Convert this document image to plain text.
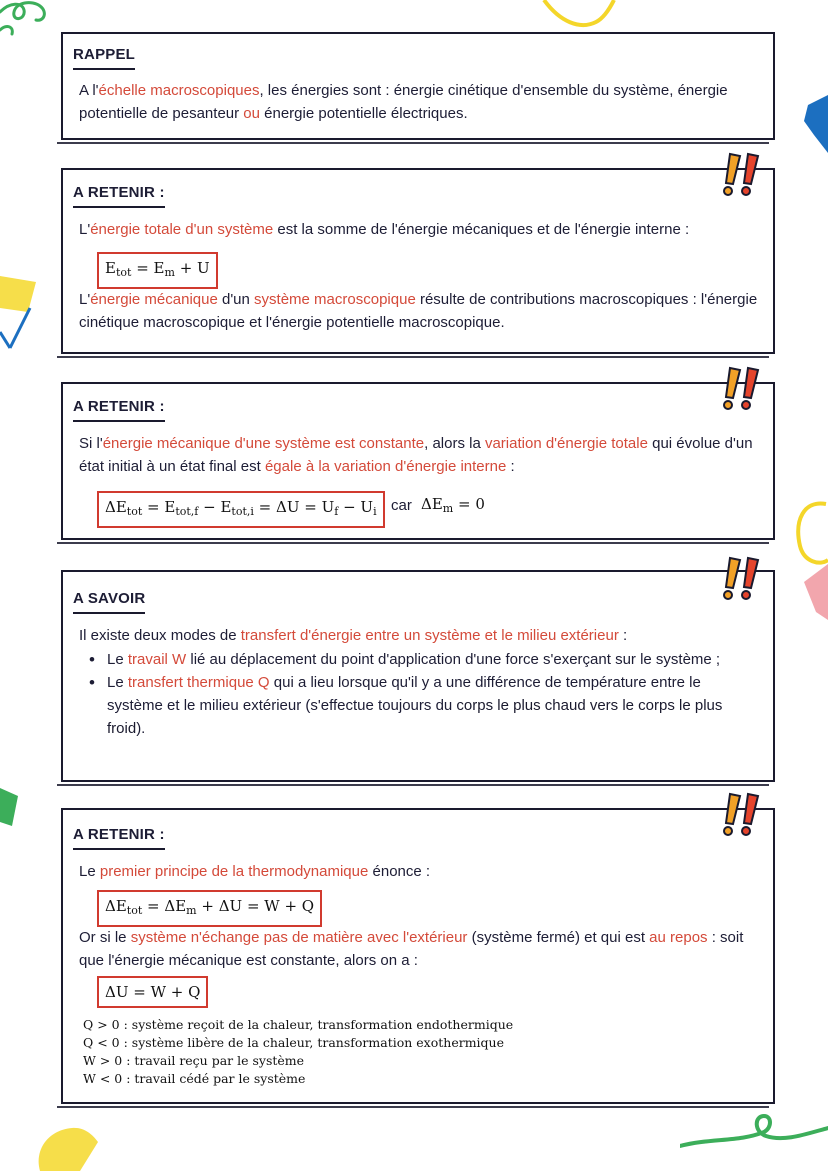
RAPPEL
A l'échelle macroscopiques, les énergies sont : énergie cinétique d'ensemble du système, énergie potentielle de pesanteur ou énergie potentielle électriques.
A RETENIR :
L'énergie totale d'un système est la somme de l'énergie mécaniques et de l'énergie interne :
$E_{tot} = E_m + U$
L'énergie mécanique d'un système macroscopique résulte de contributions macroscopiques : l'énergie cinétique macroscopique et l'énergie potentielle macroscopique.
A RETENIR :
Si l'énergie mécanique d'une système est constante, alors la variation d'énergie totale qui évolue d'un état initial à un état final est égale à la variation d'énergie interne :
$\Delta E_{tot} = E_{tot,f} - E_{tot,i} = \Delta U = U_f - U_i$ car $\Delta E_m = 0$
A SAVOIR
Il existe deux modes de transfert d'énergie entre un système et le milieu extérieur :
• Le travail W lié au déplacement du point d'application d'une force s'exerçant sur le système ;
• Le transfert thermique Q qui a lieu lorsque qu'il y a une différence de température entre le système et le milieu extérieur (s'effectue toujours du corps le plus chaud vers le corps le plus froid).
A RETENIR :
Le premier principe de la thermodynamique énonce :
$\Delta E_{tot} = \Delta E_m + \Delta U = W + Q$
Or si le système n'échange pas de matière avec l'extérieur (système fermé) et qui est au repos : soit que l'énergie mécanique est constante, alors on a :
ΔU = W + Q
Q > 0 : système reçoit de la chaleur, transformation endothermique
Q < 0 : système libère de la chaleur, transformation exothermique
W > 0 : travail reçu par le système
W < 0 : travail cédé par le système
